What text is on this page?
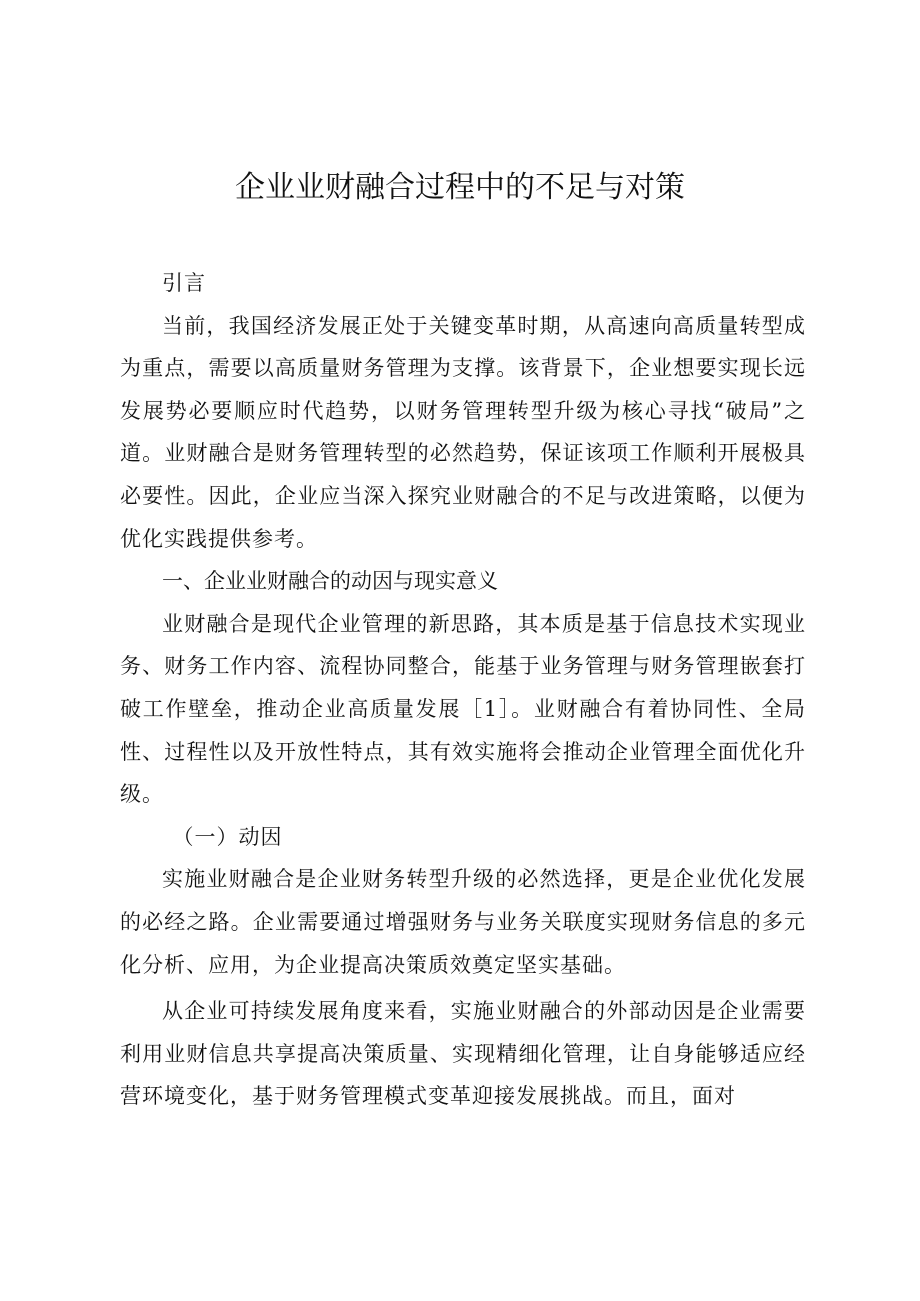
企业业财融合过程中的不足与对策

引言

当前，我国经济发展正处于关键变革时期，从高速向高质量转型成为重点，需要以高质量财务管理为支撑。该背景下，企业想要实现长远发展势必要顺应时代趋势，以财务管理转型升级为核心寻找“破局”之道。业财融合是财务管理转型的必然趋势，保证该项工作顺利开展极具必要性。因此，企业应当深入探究业财融合的不足与改进策略，以便为优化实践提供参考。

一、企业业财融合的动因与现实意义

业财融合是现代企业管理的新思路，其本质是基于信息技术实现业务、财务工作内容、流程协同整合，能基于业务管理与财务管理嵌套打破工作壁垒，推动企业高质量发展［1］。业财融合有着协同性、全局性、过程性以及开放性特点，其有效实施将会推动企业管理全面优化升级。

（一）动因

实施业财融合是企业财务转型升级的必然选择，更是企业优化发展的必经之路。企业需要通过增强财务与业务关联度实现财务信息的多元化分析、应用，为企业提高决策质效奠定坚实基础。

从企业可持续发展角度来看，实施业财融合的外部动因是企业需要利用业财信息共享提高决策质量、实现精细化管理，让自身能够适应经营环境变化，基于财务管理模式变革迎接发展挑战。而且，面对
